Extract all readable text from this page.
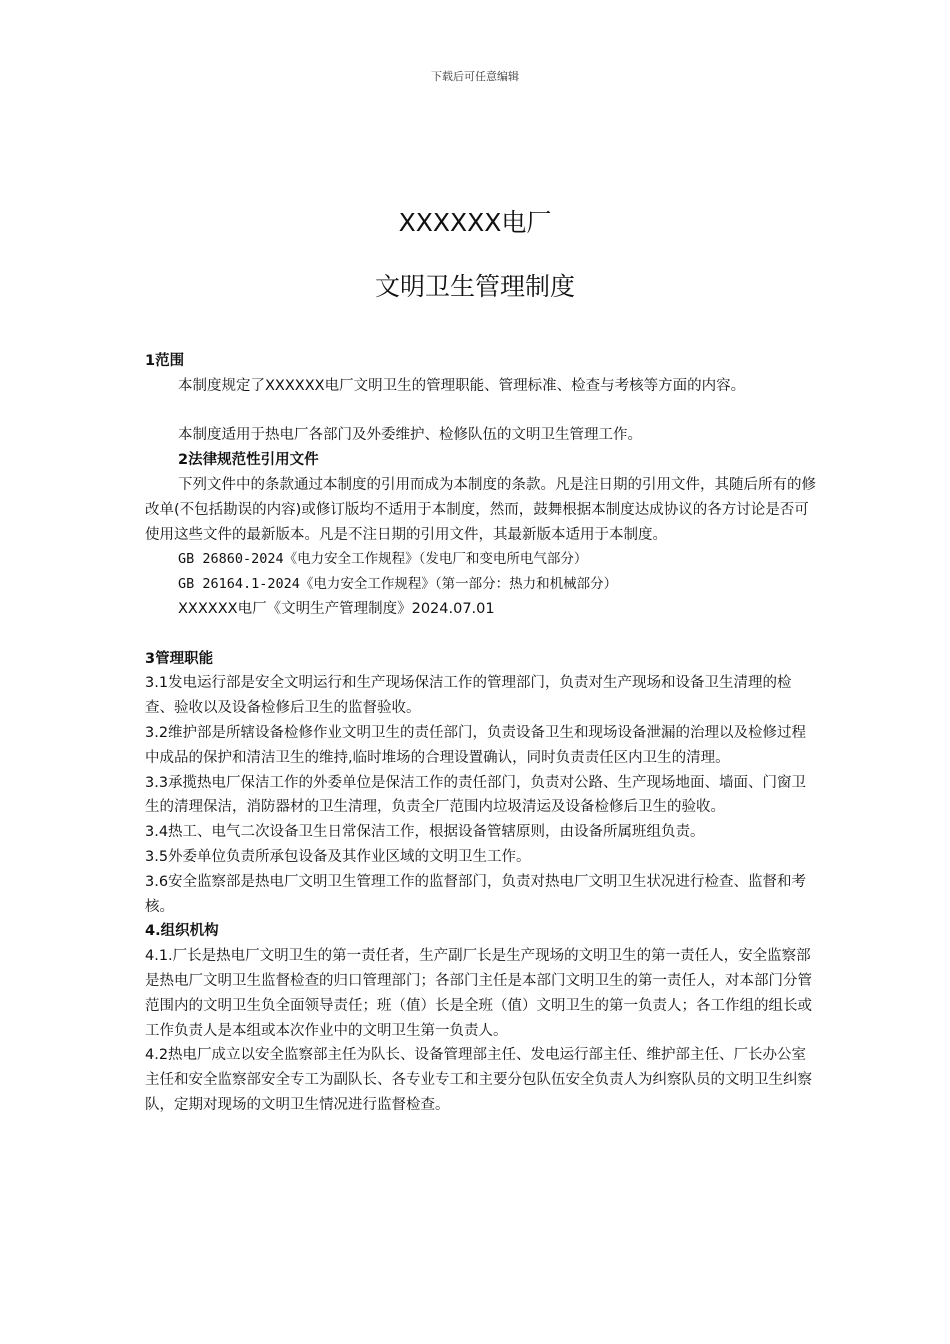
下载后可任意编辑
XXXXXX电厂
文明卫生管理制度

1范围

本制度规定了XXXXXX电厂文明卫生的管理职能、管理标准、检查与考核等方面的内容。

本制度适用于热电厂各部门及外委维护、检修队伍的文明卫生管理工作。

2法律规范性引用文件

下列文件中的条款通过本制度的引用而成为本制度的条款。凡是注日期的引用文件，其随后所有的修改单(不包括勘误的内容)或修订版均不适用于本制度，然而，鼓舞根据本制度达成协议的各方讨论是否可使用这些文件的最新版本。凡是不注日期的引用文件，其最新版本适用于本制度。

GB 26860-2024《电力安全工作规程》（发电厂和变电所电气部分）

GB 26164.1-2024《电力安全工作规程》（第一部分：热力和机械部分）

XXXXXX电厂《文明生产管理制度》2024.07.01

3管理职能

3.1发电运行部是安全文明运行和生产现场保洁工作的管理部门，负责对生产现场和设备卫生清理的检查、验收以及设备检修后卫生的监督验收。

3.2维护部是所辖设备检修作业文明卫生的责任部门，负责设备卫生和现场设备泄漏的治理以及检修过程中成品的保护和清洁卫生的维持,临时堆场的合理设置确认，同时负责责任区内卫生的清理。

3.3承揽热电厂保洁工作的外委单位是保洁工作的责任部门，负责对公路、生产现场地面、墙面、门窗卫生的清理保洁，消防器材的卫生清理，负责全厂范围内垃圾清运及设备检修后卫生的验收。

3.4热工、电气二次设备卫生日常保洁工作，根据设备管辖原则，由设备所属班组负责。

3.5外委单位负责所承包设备及其作业区域的文明卫生工作。

3.6安全监察部是热电厂文明卫生管理工作的监督部门，负责对热电厂文明卫生状况进行检查、监督和考核。

4.组织机构

4.1.厂长是热电厂文明卫生的第一责任者，生产副厂长是生产现场的文明卫生的第一责任人，安全监察部是热电厂文明卫生监督检查的归口管理部门；各部门主任是本部门文明卫生的第一责任人，对本部门分管范围内的文明卫生负全面领导责任；班（值）长是全班（值）文明卫生的第一负责人；各工作组的组长或工作负责人是本组或本次作业中的文明卫生第一负责人。

4.2热电厂成立以安全监察部主任为队长、设备管理部主任、发电运行部主任、维护部主任、厂长办公室主任和安全监察部安全专工为副队长、各专业专工和主要分包队伍安全负责人为纠察队员的文明卫生纠察队，定期对现场的文明卫生情况进行监督检查。
